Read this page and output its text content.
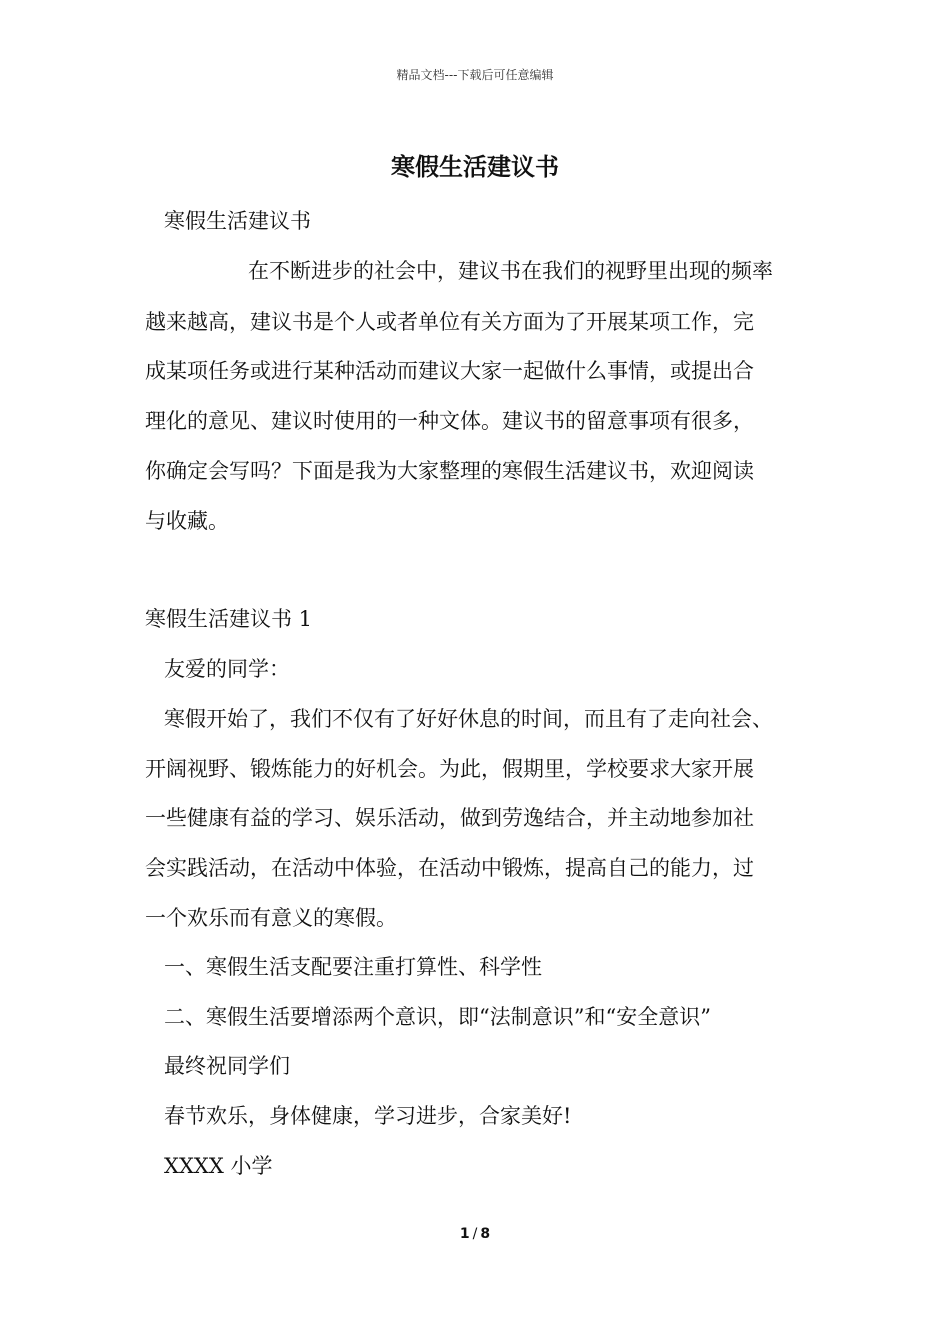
精品文档---下载后可任意编辑
寒假生活建议书
寒假生活建议书
在不断进步的社会中，建议书在我们的视野里出现的频率
越来越高，建议书是个人或者单位有关方面为了开展某项工作，完
成某项任务或进行某种活动而建议大家一起做什么事情，或提出合
理化的意见、建议时使用的一种文体。建议书的留意事项有很多，
你确定会写吗？下面是我为大家整理的寒假生活建议书，欢迎阅读
与收藏。
寒假生活建议书 1
友爱的同学：
寒假开始了，我们不仅有了好好休息的时间，而且有了走向社会、
开阔视野、锻炼能力的好机会。为此，假期里，学校要求大家开展
一些健康有益的学习、娱乐活动，做到劳逸结合，并主动地参加社
会实践活动，在活动中体验，在活动中锻炼，提高自己的能力，过
一个欢乐而有意义的寒假。
一、寒假生活支配要注重打算性、科学性
二、寒假生活要增添两个意识，即“法制意识”和“安全意识”
最终祝同学们
春节欢乐，身体健康，学习进步，合家美好!
XXXX 小学
1 / 8
